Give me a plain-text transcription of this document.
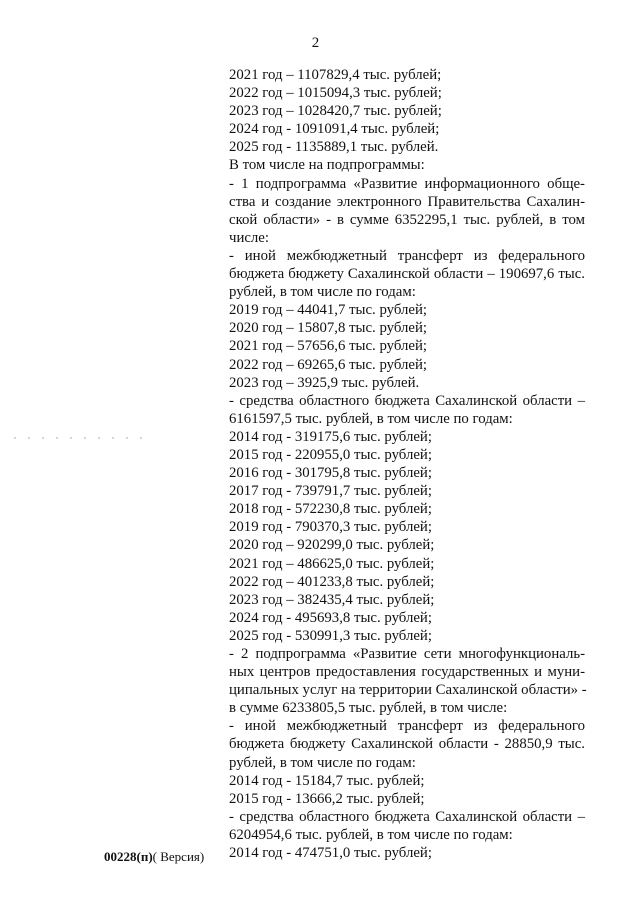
2
2021 год – 1107829,4 тыс. рублей;
2022 год – 1015094,3 тыс. рублей;
2023 год – 1028420,7 тыс. рублей;
2024 год - 1091091,4 тыс. рублей;
2025 год - 1135889,1 тыс. рублей.
В том числе на подпрограммы:
- 1 подпрограмма «Развитие информационного обще-
ства и создание электронного Правительства Сахалин-
ской области» - в сумме 6352295,1 тыс. рублей, в том
числе:
- иной межбюджетный трансферт из федерального
бюджета бюджету Сахалинской области – 190697,6 тыс.
рублей, в том числе по годам:
2019 год – 44041,7 тыс. рублей;
2020 год – 15807,8 тыс. рублей;
2021 год – 57656,6 тыс. рублей;
2022 год – 69265,6 тыс. рублей;
2023 год – 3925,9 тыс. рублей.
- средства областного бюджета Сахалинской области –
6161597,5 тыс. рублей, в том числе по годам:
2014 год - 319175,6 тыс. рублей;
2015 год - 220955,0 тыс. рублей;
2016 год - 301795,8 тыс. рублей;
2017 год - 739791,7 тыс. рублей;
2018 год - 572230,8 тыс. рублей;
2019 год - 790370,3 тыс. рублей;
2020 год – 920299,0 тыс. рублей;
2021 год – 486625,0 тыс. рублей;
2022 год – 401233,8 тыс. рублей;
2023 год – 382435,4 тыс. рублей;
2024 год - 495693,8 тыс. рублей;
2025 год - 530991,3 тыс. рублей;
- 2 подпрограмма «Развитие сети многофункциональ-
ных центров предоставления государственных и муни-
ципальных услуг на территории Сахалинской области» -
в сумме 6233805,5 тыс. рублей, в том числе:
- иной межбюджетный трансферт из федерального
бюджета бюджету Сахалинской области - 28850,9 тыс.
рублей, в том числе по годам:
2014 год - 15184,7 тыс. рублей;
2015 год - 13666,2 тыс. рублей;
- средства областного бюджета Сахалинской области –
6204954,6 тыс. рублей, в том числе по годам:
2014 год - 474751,0 тыс. рублей;
00228(п)( Версия)
